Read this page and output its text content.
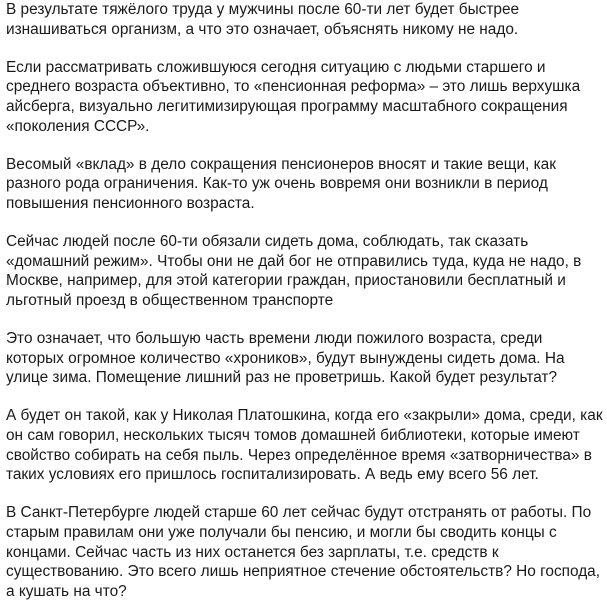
В результате тяжёлого труда у мужчины после 60-ти лет будет быстрее изнашиваться организм, а что это означает, объяснять никому не надо.

Если рассматривать сложившуюся сегодня ситуацию с людьми старшего и среднего возраста объективно, то «пенсионная реформа» – это лишь верхушка айсберга, визуально легитимизирующая программу масштабного сокращения «поколения СССР».

Весомый «вклад» в дело сокращения пенсионеров вносят и такие вещи, как разного рода ограничения. Как-то уж очень вовремя они возникли в период повышения пенсионного возраста.

Сейчас людей после 60-ти обязали сидеть дома, соблюдать, так сказать «домашний режим». Чтобы они не дай бог не отправились туда, куда не надо, в Москве, например, для этой категории граждан, приостановили бесплатный и льготный проезд в общественном транспорте

Это означает, что большую часть времени люди пожилого возраста, среди которых огромное количество «хроников», будут вынуждены сидеть дома. На улице зима. Помещение лишний раз не проветришь. Какой будет результат?

А будет он такой, как у Николая Платошкина, когда его «закрыли» дома, среди, как он сам говорил, нескольких тысяч томов домашней библиотеки, которые имеют свойство собирать на себя пыль. Через определённое время «затворничества» в таких условиях его пришлось госпитализировать. А ведь ему всего 56 лет.

В Санкт-Петербурге людей старше 60 лет сейчас будут отстранять от работы. По старым правилам они уже получали бы пенсию, и могли бы сводить концы с концами. Сейчас часть из них останется без зарплаты, т.е. средств к существованию. Это всего лишь неприятное стечение обстоятельств? Но господа, а кушать на что?
